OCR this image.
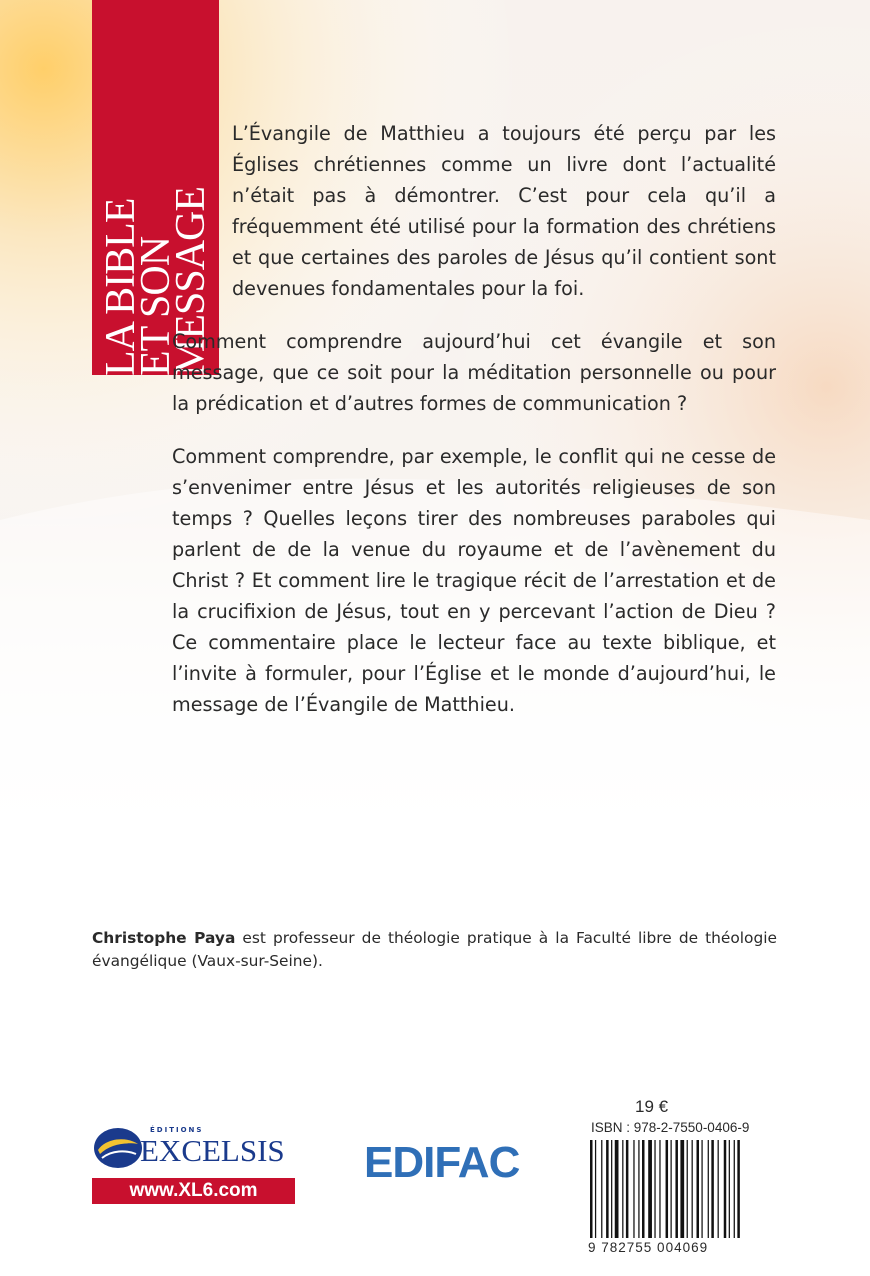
LA BIBLE
ET SON
MESSAGE

L’Évangile de Matthieu a toujours été perçu par les Églises chrétiennes comme un livre dont l’actualité n’était pas à démontrer. C’est pour cela qu’il a fréquemment été utilisé pour la formation des chrétiens et que certaines des paroles de Jésus qu’il contient sont devenues fondamentales pour la foi.

Comment comprendre aujourd’hui cet évangile et son message, que ce soit pour la méditation personnelle ou pour la prédication et d’autres formes de communication ?

Comment comprendre, par exemple, le conflit qui ne cesse de s’envenimer entre Jésus et les autorités religieuses de son temps ? Quelles leçons tirer des nombreuses paraboles qui parlent de de la venue du royaume et de l’avènement du Christ ? Et comment lire le tragique récit de l’arrestation et de la crucifixion de Jésus, tout en y percevant l’action de Dieu ? Ce commentaire place le lecteur face au texte biblique, et l’invite à formuler, pour l’Église et le monde d’aujourd’hui, le message de l’Évangile de Matthieu.

Christophe Paya est professeur de théologie pratique à la Faculté libre de théologie évangélique (Vaux-sur-Seine).
19 €
ISBN : 978-2-7550-0406-9
9 782755 004069
ÉDITIONS
EXCELSIS
www.XL6.com
EDIFAC
